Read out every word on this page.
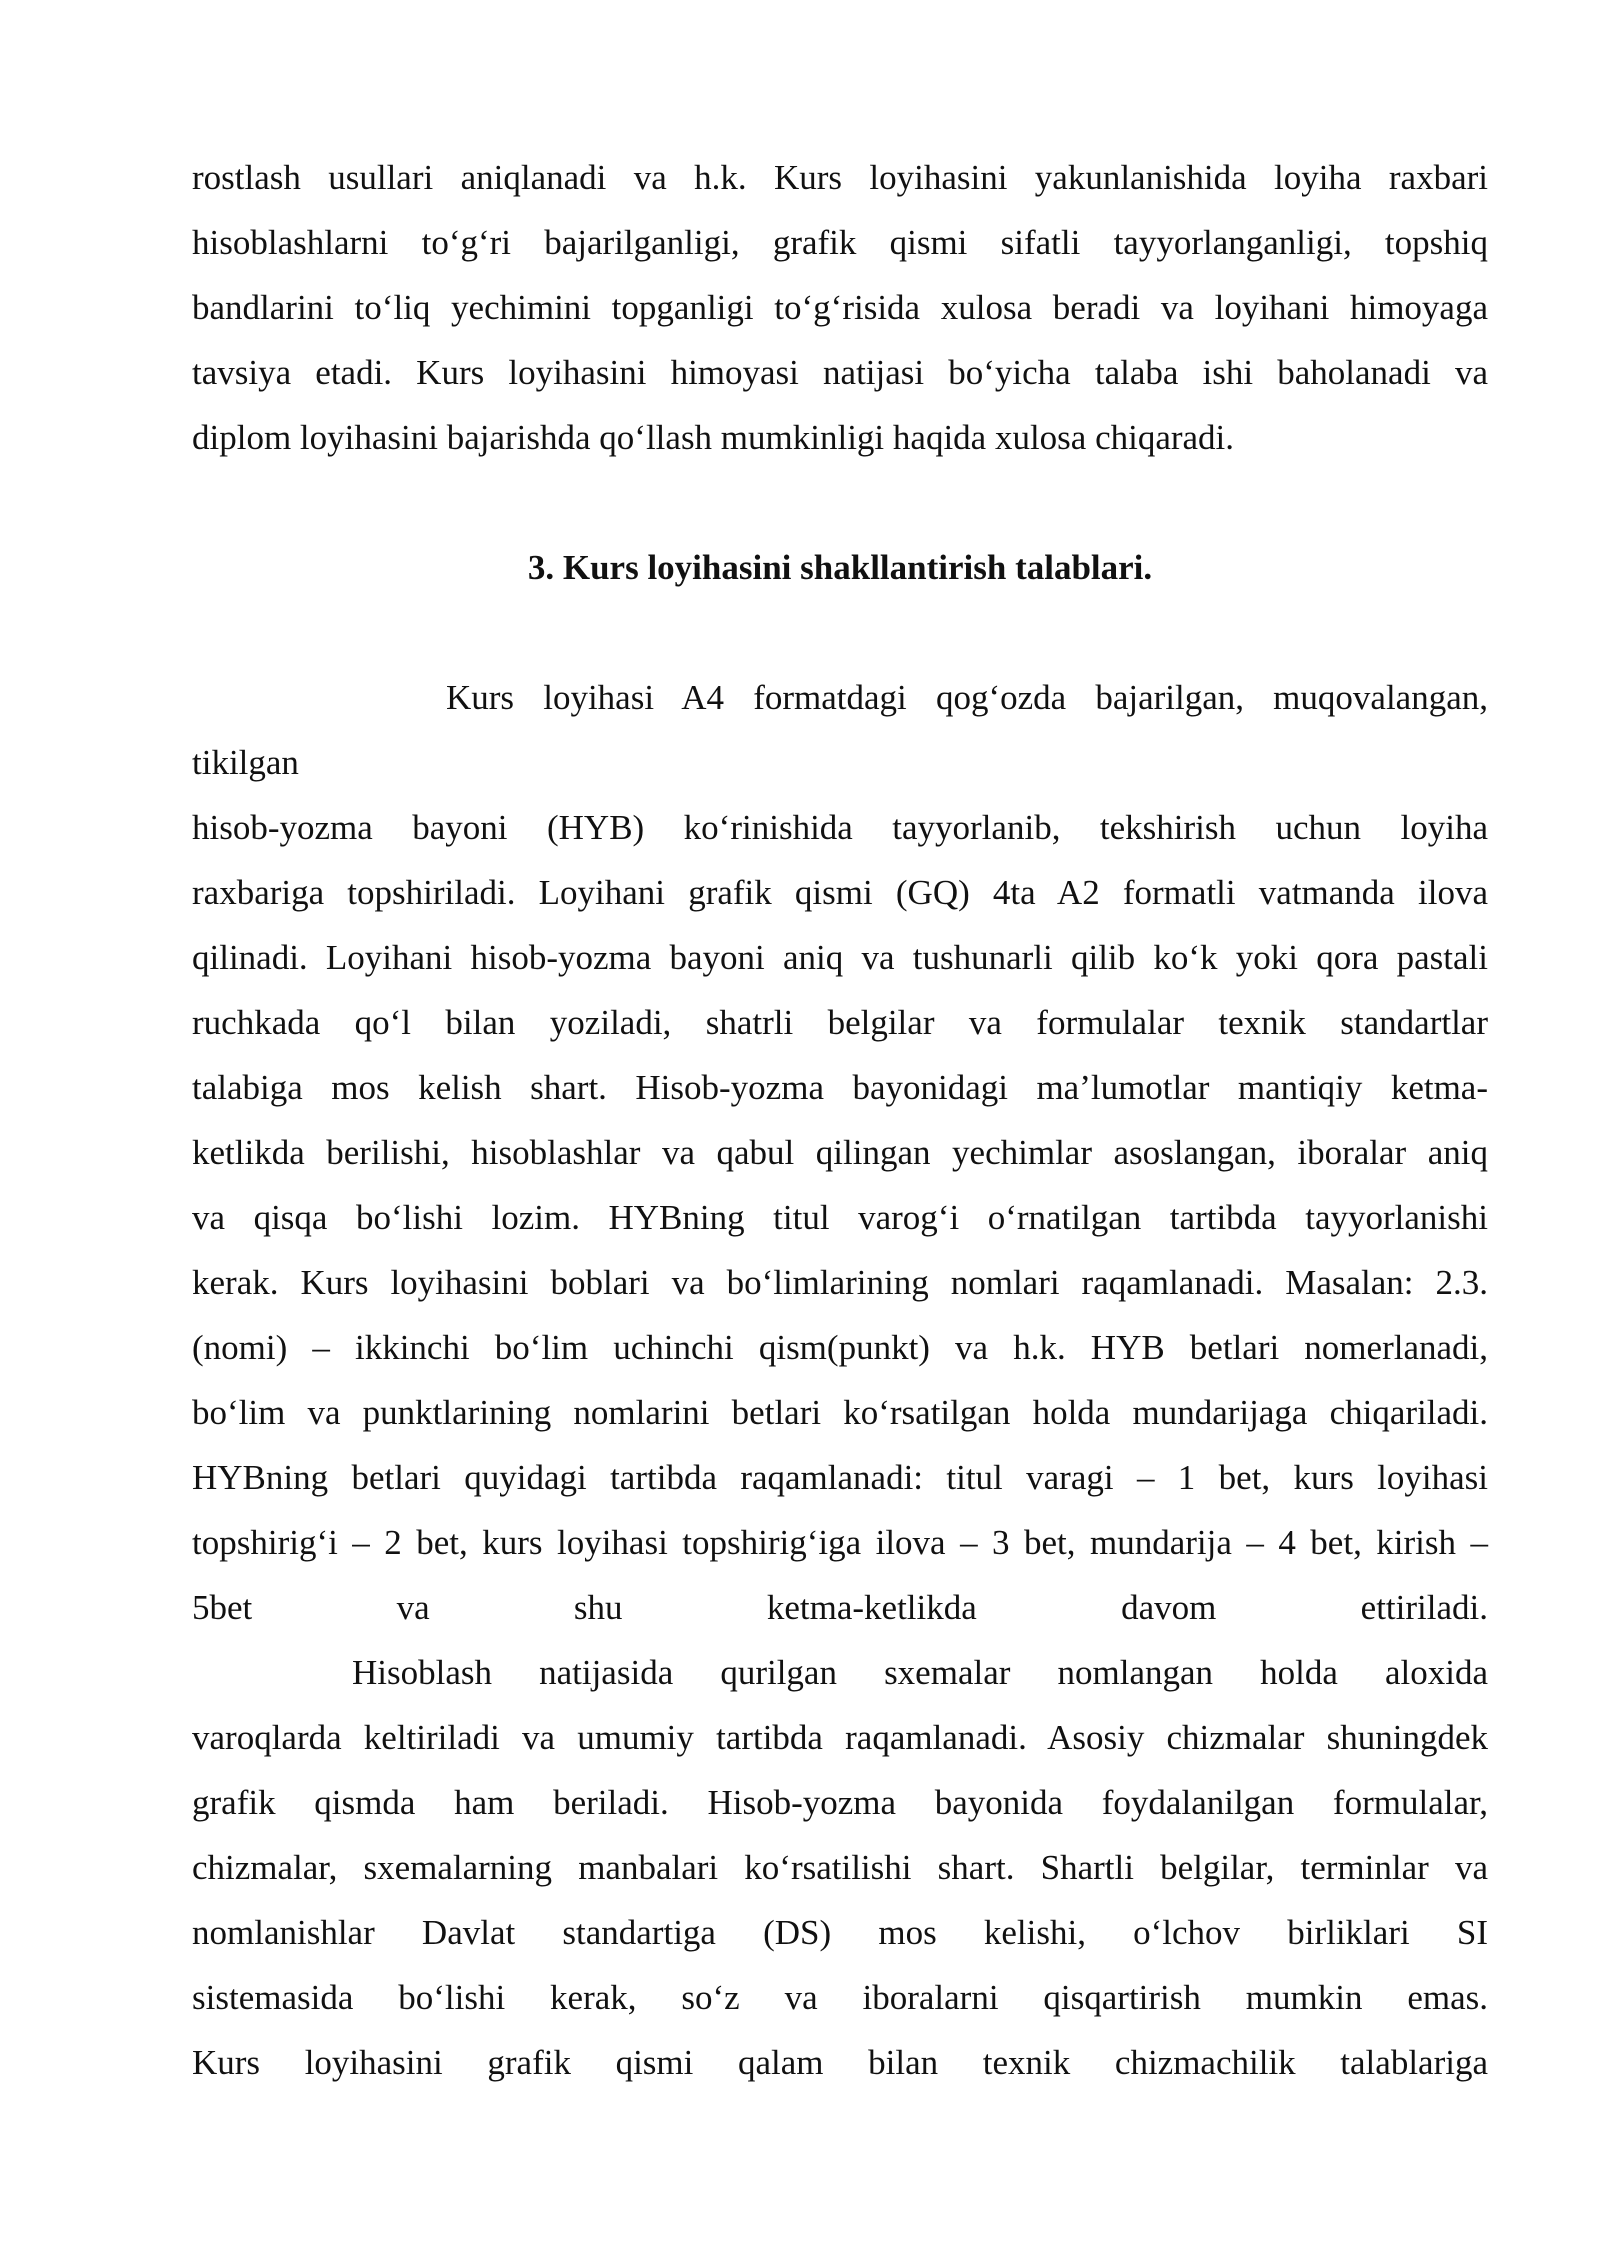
rostlash usullari aniqlanadi va h.k. Kurs loyihasini yakunlanishida loyiha raxbari
hisoblashlarni to‘g‘ri bajarilganligi, grafik qismi sifatli tayyorlanganligi, topshiq
bandlarini to‘liq yechimini topganligi to‘g‘risida xulosa beradi va loyihani himoyaga
tavsiya etadi. Kurs loyihasini himoyasi natijasi bo‘yicha talaba ishi baholanadi va
diplom loyihasini bajarishda qo‘llash mumkinligi haqida xulosa chiqaradi.
3. Kurs loyihasini shakllantirish talablari.
Kurs loyihasi A4 formatdagi qog‘ozda bajarilgan, muqovalangan,
tikilgan
hisob-yozma bayoni (HYB) ko‘rinishida tayyorlanib, tekshirish uchun loyiha
raxbariga topshiriladi. Loyihani grafik qismi (GQ) 4ta A2 formatli vatmanda ilova
qilinadi. Loyihani hisob-yozma bayoni aniq va tushunarli qilib ko‘k yoki qora pastali
ruchkada qo‘l bilan yoziladi, shatrli belgilar va formulalar texnik standartlar
talabiga mos kelish shart. Hisob-yozma bayonidagi ma’lumotlar mantiqiy ketma-
ketlikda berilishi, hisoblashlar va qabul qilingan yechimlar asoslangan, iboralar aniq
va qisqa bo‘lishi lozim. HYBning titul varog‘i o‘rnatilgan tartibda tayyorlanishi
kerak. Kurs loyihasini boblari va bo‘limlarining nomlari raqamlanadi. Masalan: 2.3.
(nomi) – ikkinchi bo‘lim uchinchi qism(punkt) va h.k. HYB betlari nomerlanadi,
bo‘lim va punktlarining nomlarini betlari ko‘rsatilgan holda mundarijaga chiqariladi.
HYBning betlari quyidagi tartibda raqamlanadi: titul varagi – 1 bet, kurs loyihasi
topshirig‘i – 2 bet, kurs loyihasi topshirig‘iga ilova – 3 bet, mundarija – 4 bet, kirish –
5bet va shu ketma-ketlikda davom ettiriladi.
Hisoblash natijasida qurilgan sxemalar nomlangan holda aloxida
varoqlarda keltiriladi va umumiy tartibda raqamlanadi. Asosiy chizmalar shuningdek
grafik qismda ham beriladi. Hisob-yozma bayonida foydalanilgan formulalar,
chizmalar, sxemalarning manbalari ko‘rsatilishi shart. Shartli belgilar, terminlar va
nomlanishlar Davlat standartiga (DS) mos kelishi, o‘lchov birliklari SI
sistemasida bo‘lishi kerak, so‘z va iboralarni qisqartirish mumkin emas.
Kurs loyihasini grafik qismi qalam bilan texnik chizmachilik talablariga
